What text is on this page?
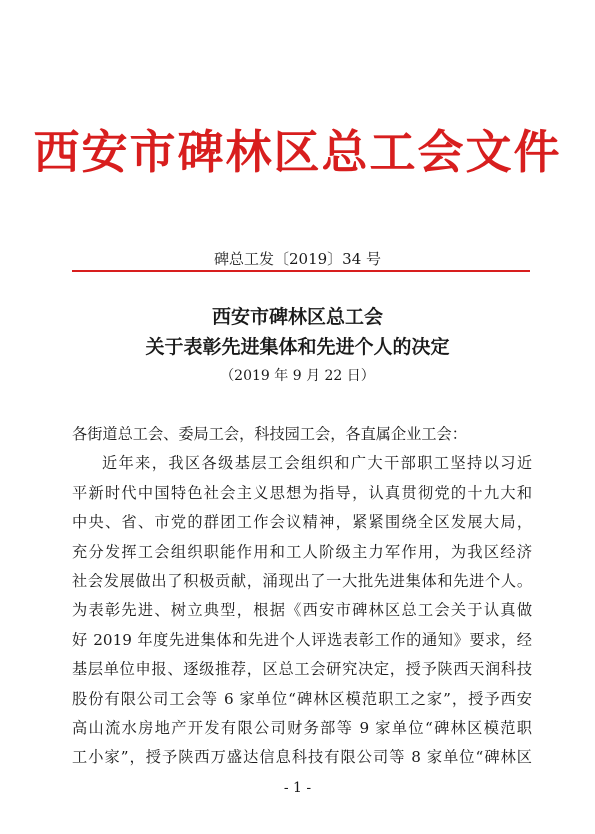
西安市碑林区总工会文件
碑总工发〔2019〕34 号
西安市碑林区总工会
关于表彰先进集体和先进个人的决定
（2019 年 9 月 22 日）
各街道总工会、委局工会，科技园工会，各直属企业工会：
近年来，我区各级基层工会组织和广大干部职工坚持以习近
平新时代中国特色社会主义思想为指导，认真贯彻党的十九大和
中央、省、市党的群团工作会议精神，紧紧围绕全区发展大局，
充分发挥工会组织职能作用和工人阶级主力军作用，为我区经济
社会发展做出了积极贡献，涌现出了一大批先进集体和先进个人。
为表彰先进、树立典型，根据《西安市碑林区总工会关于认真做
好 2019 年度先进集体和先进个人评选表彰工作的通知》要求，经
基层单位申报、逐级推荐，区总工会研究决定，授予陕西天润科技
股份有限公司工会等 6 家单位“碑林区模范职工之家”，授予西安
高山流水房地产开发有限公司财务部等 9 家单位“碑林区模范职
工小家”，授予陕西万盛达信息科技有限公司等 8 家单位“碑林区
- 1 -
